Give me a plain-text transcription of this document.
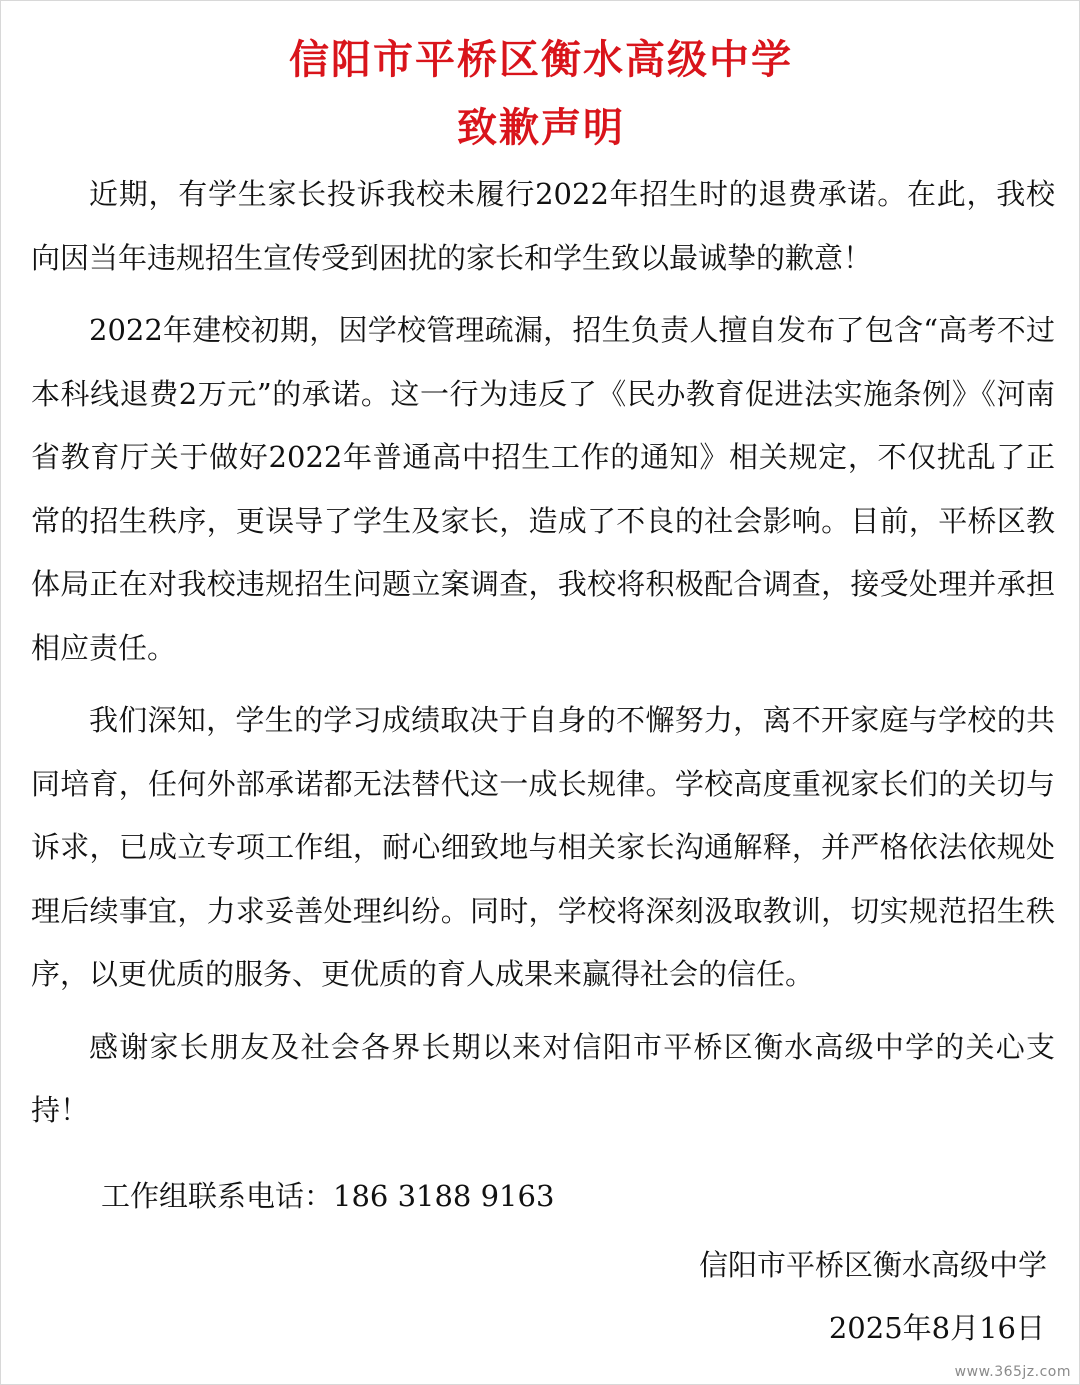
信阳市平桥区衡水高级中学
致歉声明

近期，有学生家长投诉我校未履行2022年招生时的退费承诺。在此，我校向因当年违规招生宣传受到困扰的家长和学生致以最诚挚的歉意！

2022年建校初期，因学校管理疏漏，招生负责人擅自发布了包含“高考不过本科线退费2万元”的承诺。这一行为违反了《民办教育促进法实施条例》《河南省教育厅关于做好2022年普通高中招生工作的通知》相关规定，不仅扰乱了正常的招生秩序，更误导了学生及家长，造成了不良的社会影响。目前，平桥区教体局正在对我校违规招生问题立案调查，我校将积极配合调查，接受处理并承担相应责任。

我们深知，学生的学习成绩取决于自身的不懈努力，离不开家庭与学校的共同培育，任何外部承诺都无法替代这一成长规律。学校高度重视家长们的关切与诉求，已成立专项工作组，耐心细致地与相关家长沟通解释，并严格依法依规处理后续事宜，力求妥善处理纠纷。同时，学校将深刻汲取教训，切实规范招生秩序，以更优质的服务、更优质的育人成果来赢得社会的信任。

感谢家长朋友及社会各界长期以来对信阳市平桥区衡水高级中学的关心支持！

工作组联系电话：186 3188 9163

信阳市平桥区衡水高级中学

2025年8月16日

www.365jz.com
